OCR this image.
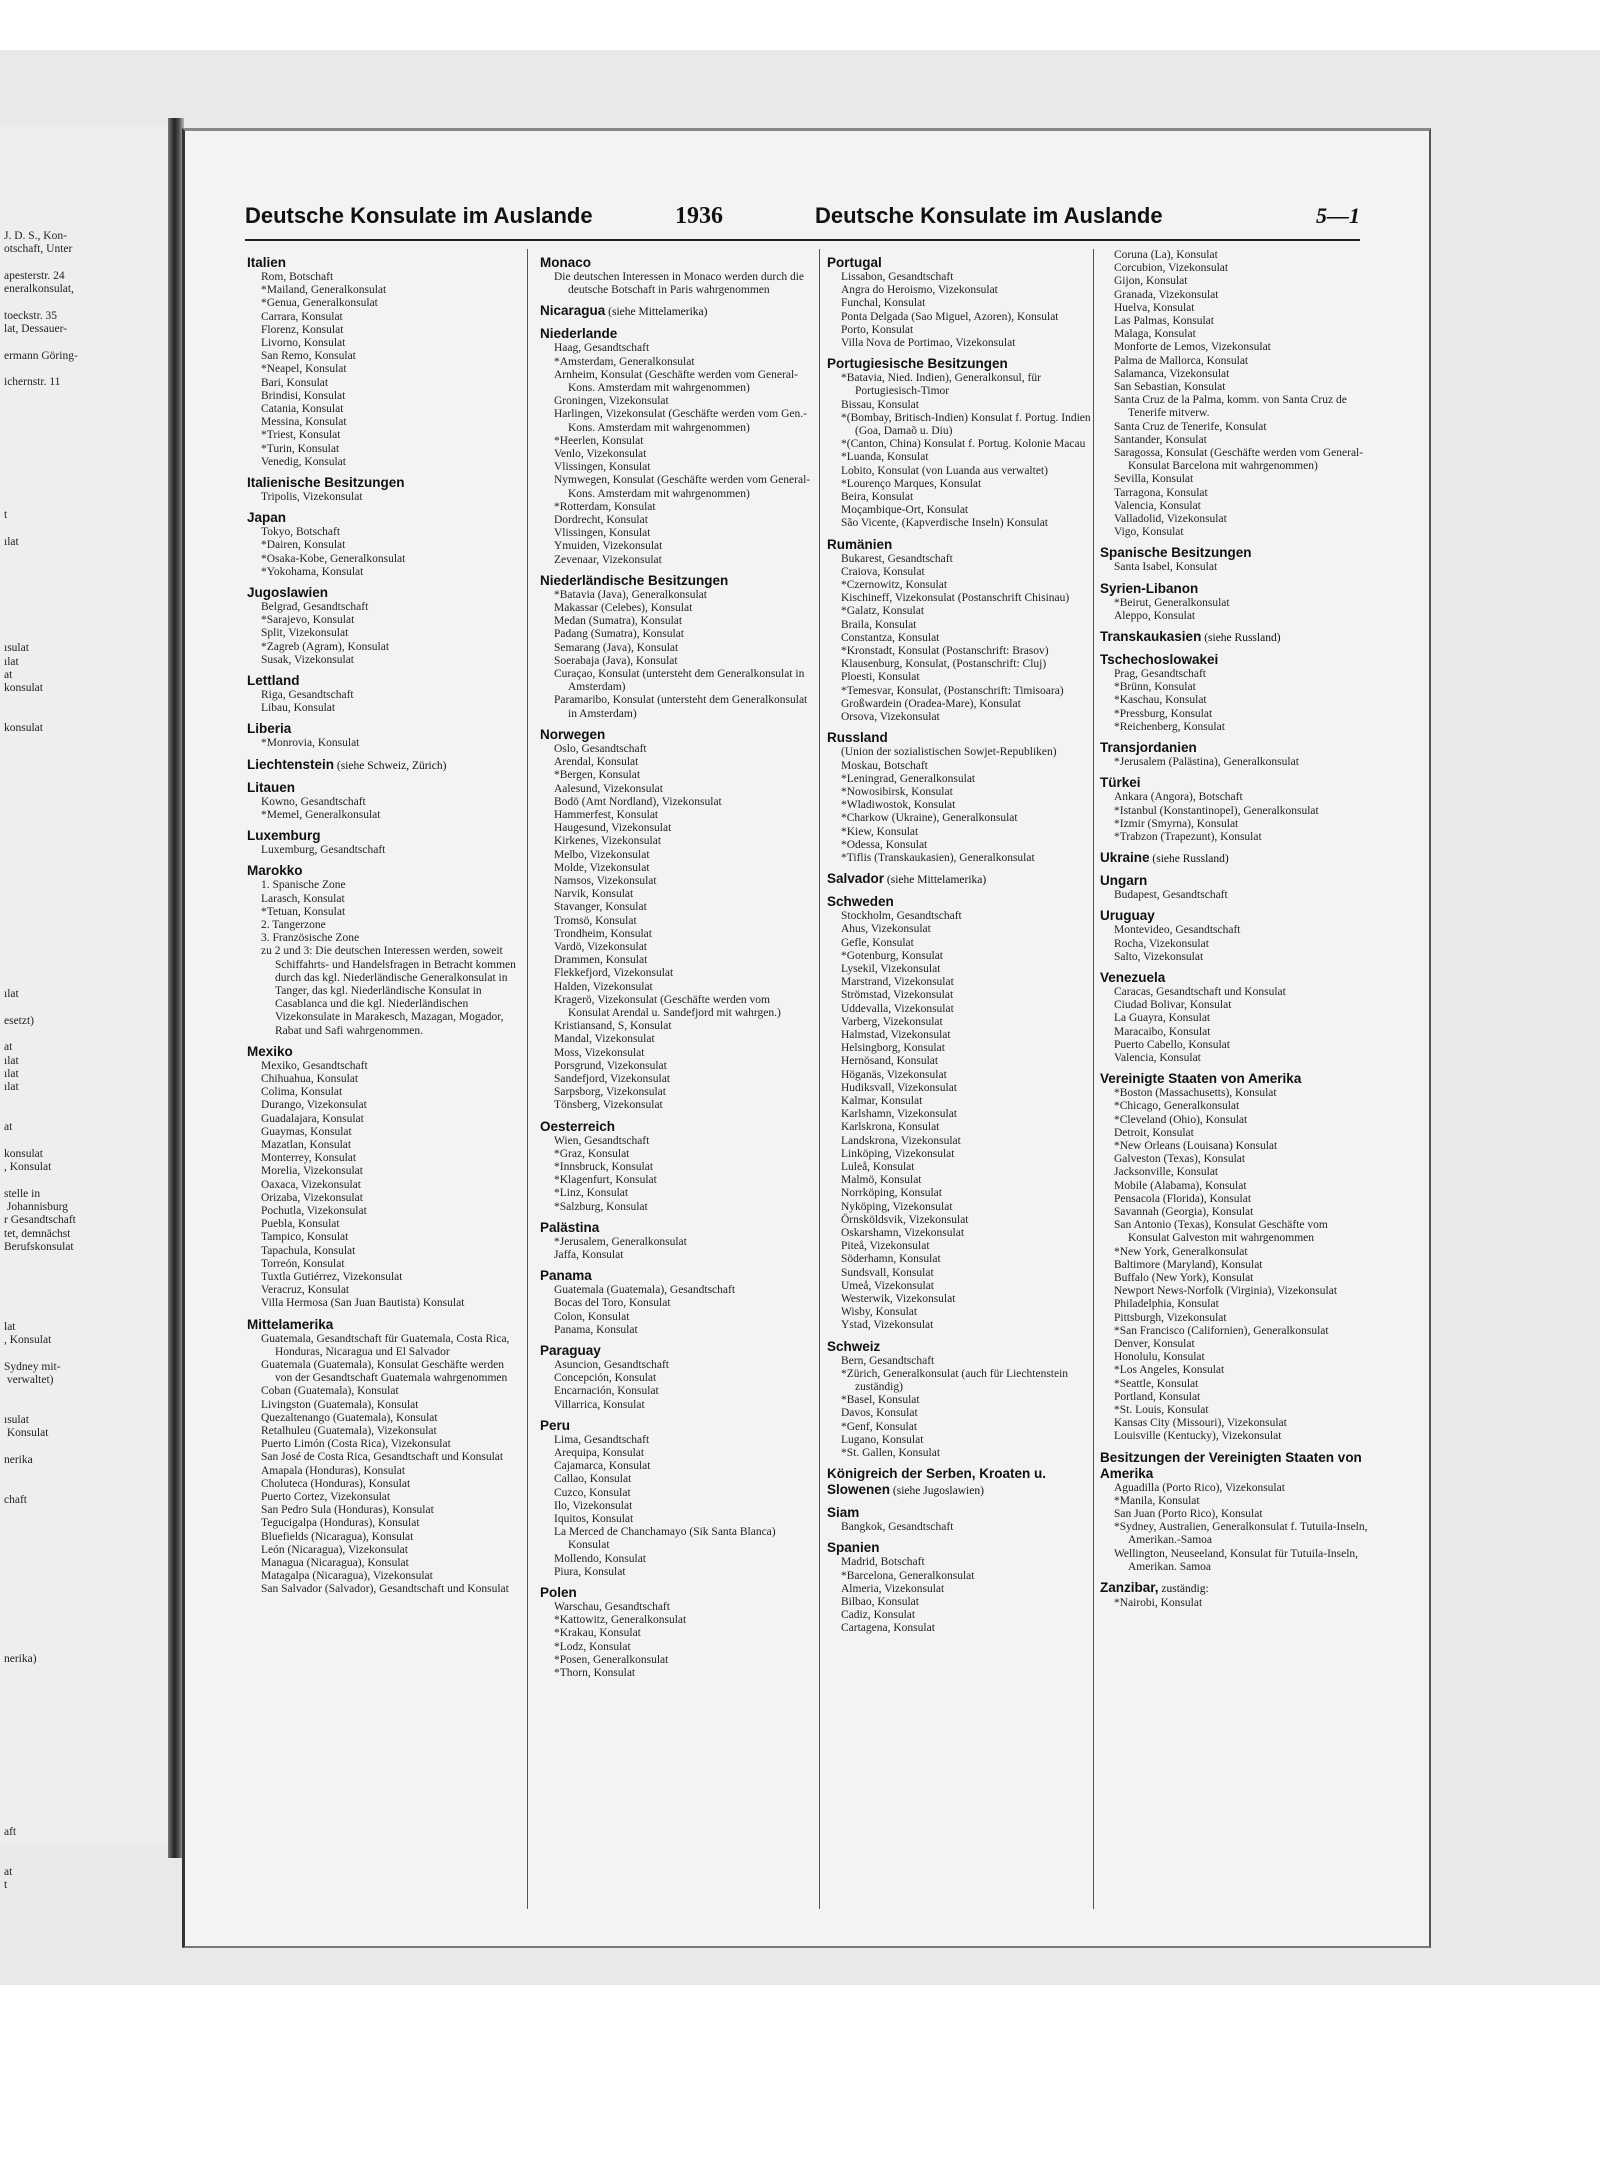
J. D. S., Kon-
otschaft, Unter
apesterstr. 24
eneralkonsulat,
toeckstr. 35
lat, Dessauer-
ermann Göring-
ichernstr. 11
t
ılat
ısulat
ılat
at
konsulat
konsulat
ılat
esetzt)
at
ılat
ılat
ılat
at
konsulat
, Konsulat
stelle in
Johannisburg
r Gesandtschaft
tet, demnächst
Berufskonsulat
lat
, Konsulat
Sydney mit-
verwaltet)
ısulat
Konsulat
nerika
chaft
nerika)
aft
at
t
Deutsche Konsulate im Auslande	1936	Deutsche Konsulate im Auslande	5—1
Italien
Rom, Botschaft
*Mailand, Generalkonsulat
*Genua, Generalkonsulat
Carrara, Konsulat
Florenz, Konsulat
Livorno, Konsulat
San Remo, Konsulat
*Neapel, Konsulat
Bari, Konsulat
Brindisi, Konsulat
Catania, Konsulat
Messina, Konsulat
*Triest, Konsulat
*Turin, Konsulat
Venedig, Konsulat
Italienische Besitzungen
Tripolis, Vizekonsulat
Japan
Tokyo, Botschaft
*Dairen, Konsulat
*Osaka-Kobe, Generalkonsulat
*Yokohama, Konsulat
Jugoslawien
Belgrad, Gesandtschaft
*Sarajevo, Konsulat
Split, Vizekonsulat
*Zagreb (Agram), Konsulat
Susak, Vizekonsulat
Lettland
Riga, Gesandtschaft
Libau, Konsulat
Liberia
*Monrovia, Konsulat
Liechtenstein (siehe Schweiz, Zürich)
Litauen
Kowno, Gesandtschaft
*Memel, Generalkonsulat
Luxemburg
Luxemburg, Gesandtschaft
Marokko
1. Spanische Zone
Larasch, Konsulat
*Tetuan, Konsulat
2. Tangerzone
3. Französische Zone
zu 2 und 3: Die deutschen Interessen werden, soweit Schiffahrts- und Handelsfragen in Betracht kommen durch das kgl. Niederländische Generalkonsulat in Tanger, das kgl. Niederländische Konsulat in Casablanca und die kgl. Niederländischen Vizekonsulate in Marakesch, Mazagan, Mogador, Rabat und Safi wahrgenommen.
Mexiko
Mexiko, Gesandtschaft
Chihuahua, Konsulat
Colima, Konsulat
Durango, Vizekonsulat
Guadalajara, Konsulat
Guaymas, Konsulat
Mazatlan, Konsulat
Monterrey, Konsulat
Morelia, Vizekonsulat
Oaxaca, Vizekonsulat
Orizaba, Vizekonsulat
Pochutla, Vizekonsulat
Puebla, Konsulat
Tampico, Konsulat
Tapachula, Konsulat
Torreón, Konsulat
Tuxtla Gutiérrez, Vizekonsulat
Veracruz, Konsulat
Villa Hermosa (San Juan Bautista) Konsulat
Mittelamerika
Guatemala, Gesandtschaft für Guatemala, Costa Rica, Honduras, Nicaragua und El Salvador
Guatemala (Guatemala), Konsulat Geschäfte werden von der Gesandtschaft Guatemala wahrgenommen
Coban (Guatemala), Konsulat
Livingston (Guatemala), Konsulat
Quezaltenango (Guatemala), Konsulat
Retalhuleu (Guatemala), Vizekonsulat
Puerto Limón (Costa Rica), Vizekonsulat
San José de Costa Rica, Gesandtschaft und Konsulat
Amapala (Honduras), Konsulat
Choluteca (Honduras), Konsulat
Puerto Cortez, Vizekonsulat
San Pedro Sula (Honduras), Konsulat
Tegucigalpa (Honduras), Konsulat
Bluefields (Nicaragua), Konsulat
León (Nicaragua), Vizekonsulat
Managua (Nicaragua), Konsulat
Matagalpa (Nicaragua), Vizekonsulat
San Salvador (Salvador), Gesandtschaft und Konsulat
Monaco
Die deutschen Interessen in Monaco werden durch die deutsche Botschaft in Paris wahrgenommen
Nicaragua (siehe Mittelamerika)
Niederlande
Haag, Gesandtschaft
*Amsterdam, Generalkonsulat
Arnheim, Konsulat (Geschäfte werden vom General-Kons. Amsterdam mit wahrgenommen)
Groningen, Vizekonsulat
Harlingen, Vizekonsulat (Geschäfte werden vom Gen.-Kons. Amsterdam mit wahrgenommen)
*Heerlen, Konsulat
Venlo, Vizekonsulat
Vlissingen, Konsulat
Nymwegen, Konsulat (Geschäfte werden vom General-Kons. Amsterdam mit wahrgenommen)
*Rotterdam, Konsulat
Dordrecht, Konsulat
Vlissingen, Konsulat
Ymuiden, Vizekonsulat
Zevenaar, Vizekonsulat
Niederländische Besitzungen
*Batavia (Java), Generalkonsulat
Makassar (Celebes), Konsulat
Medan (Sumatra), Konsulat
Padang (Sumatra), Konsulat
Semarang (Java), Konsulat
Soerabaja (Java), Konsulat
Curaçao, Konsulat (untersteht dem Generalkonsulat in Amsterdam)
Paramaribo, Konsulat (untersteht dem Generalkonsulat in Amsterdam)
Norwegen
Oslo, Gesandtschaft
Arendal, Konsulat
*Bergen, Konsulat
Aalesund, Vizekonsulat
Bodö (Amt Nordland), Vizekonsulat
Hammerfest, Konsulat
Haugesund, Vizekonsulat
Kirkenes, Vizekonsulat
Melbo, Vizekonsulat
Molde, Vizekonsulat
Namsos, Vizekonsulat
Narvik, Konsulat
Stavanger, Konsulat
Tromsö, Konsulat
Trondheim, Konsulat
Vardö, Vizekonsulat
Drammen, Konsulat
Flekkefjord, Vizekonsulat
Halden, Vizekonsulat
Kragerö, Vizekonsulat (Geschäfte werden vom Konsulat Arendal u. Sandefjord mit wahrgen.)
Kristiansand, S, Konsulat
Mandal, Vizekonsulat
Moss, Vizekonsulat
Porsgrund, Vizekonsulat
Sandefjord, Vizekonsulat
Sarpsborg, Vizekonsulat
Tönsberg, Vizekonsulat
Oesterreich
Wien, Gesandtschaft
*Graz, Konsulat
*Innsbruck, Konsulat
*Klagenfurt, Konsulat
*Linz, Konsulat
*Salzburg, Konsulat
Palästina
*Jerusalem, Generalkonsulat
Jaffa, Konsulat
Panama
Guatemala (Guatemala), Gesandtschaft
Bocas del Toro, Konsulat
Colon, Konsulat
Panama, Konsulat
Paraguay
Asuncion, Gesandtschaft
Concepción, Konsulat
Encarnación, Konsulat
Villarrica, Konsulat
Peru
Lima, Gesandtschaft
Arequipa, Konsulat
Cajamarca, Konsulat
Callao, Konsulat
Cuzco, Konsulat
Ilo, Vizekonsulat
Iquitos, Konsulat
La Merced de Chanchamayo (Sik Santa Blanca) Konsulat
Mollendo, Konsulat
Piura, Konsulat
Polen
Warschau, Gesandtschaft
*Kattowitz, Generalkonsulat
*Krakau, Konsulat
*Lodz, Konsulat
*Posen, Generalkonsulat
*Thorn, Konsulat
Portugal
Lissabon, Gesandtschaft
Angra do Heroismo, Vizekonsulat
Funchal, Konsulat
Ponta Delgada (Sao Miguel, Azoren), Konsulat
Porto, Konsulat
Villa Nova de Portimao, Vizekonsulat
Portugiesische Besitzungen
*Batavia, Nied. Indien), Generalkonsul, für Portugiesisch-Timor
Bissau, Konsulat
*(Bombay, Britisch-Indien) Konsulat f. Portug. Indien (Goa, Damaõ u. Diu)
*(Canton, China) Konsulat f. Portug. Kolonie Macau
*Luanda, Konsulat
Lobito, Konsulat (von Luanda aus verwaltet)
*Lourenço Marques, Konsulat
Beira, Konsulat
Moçambique-Ort, Konsulat
São Vicente, (Kapverdische Inseln) Konsulat
Rumänien
Bukarest, Gesandtschaft
Craiova, Konsulat
*Czernowitz, Konsulat
Kischineff, Vizekonsulat (Postanschrift Chisinau)
*Galatz, Konsulat
Braila, Konsulat
Constantza, Konsulat
*Kronstadt, Konsulat (Postanschrift: Brasov)
Klausenburg, Konsulat, (Postanschrift: Cluj)
Ploesti, Konsulat
*Temesvar, Konsulat, (Postanschrift: Timisoara)
Großwardein (Oradea-Mare), Konsulat
Orsova, Vizekonsulat
Russland
(Union der sozialistischen Sowjet-Republiken)
Moskau, Botschaft
*Leningrad, Generalkonsulat
*Nowosibirsk, Konsulat
*Wladiwostok, Konsulat
*Charkow (Ukraine), Generalkonsulat
*Kiew, Konsulat
*Odessa, Konsulat
*Tiflis (Transkaukasien), Generalkonsulat
Salvador (siehe Mittelamerika)
Schweden
Stockholm, Gesandtschaft
Ahus, Vizekonsulat
Gefle, Konsulat
*Gotenburg, Konsulat
Lysekil, Vizekonsulat
Marstrand, Vizekonsulat
Strömstad, Vizekonsulat
Uddevalla, Vizekonsulat
Varberg, Vizekonsulat
Halmstad, Vizekonsulat
Helsingborg, Konsulat
Hernösand, Konsulat
Höganäs, Vizekonsulat
Hudiksvall, Vizekonsulat
Kalmar, Konsulat
Karlshamn, Vizekonsulat
Karlskrona, Konsulat
Landskrona, Vizekonsulat
Linköping, Vizekonsulat
Luleå, Konsulat
Malmö, Konsulat
Norrköping, Konsulat
Nyköping, Vizekonsulat
Örnsköldsvik, Vizekonsulat
Oskarshamn, Vizekonsulat
Piteå, Vizekonsulat
Söderhamn, Konsulat
Sundsvall, Konsulat
Umeå, Vizekonsulat
Westerwik, Vizekonsulat
Wisby, Konsulat
Ystad, Vizekonsulat
Schweiz
Bern, Gesandtschaft
*Zürich, Generalkonsulat (auch für Liechtenstein zuständig)
*Basel, Konsulat
Davos, Konsulat
*Genf, Konsulat
Lugano, Konsulat
*St. Gallen, Konsulat
Königreich der Serben, Kroaten u. Slowenen (siehe Jugoslawien)
Siam
Bangkok, Gesandtschaft
Spanien
Madrid, Botschaft
*Barcelona, Generalkonsulat
Almeria, Vizekonsulat
Bilbao, Konsulat
Cadiz, Konsulat
Cartagena, Konsulat
Coruna (La), Konsulat
Corcubion, Vizekonsulat
Gijon, Konsulat
Granada, Vizekonsulat
Huelva, Konsulat
Las Palmas, Konsulat
Malaga, Konsulat
Monforte de Lemos, Vizekonsulat
Palma de Mallorca, Konsulat
Salamanca, Vizekonsulat
San Sebastian, Konsulat
Santa Cruz de la Palma, komm. von Santa Cruz de Tenerife mitverw.
Santa Cruz de Tenerife, Konsulat
Santander, Konsulat
Saragossa, Konsulat (Geschäfte werden vom General-Konsulat Barcelona mit wahrgenommen)
Sevilla, Konsulat
Tarragona, Konsulat
Valencia, Konsulat
Valladolid, Vizekonsulat
Vigo, Konsulat
Spanische Besitzungen
Santa Isabel, Konsulat
Syrien-Libanon
*Beirut, Generalkonsulat
Aleppo, Konsulat
Transkaukasien (siehe Russland)
Tschechoslowakei
Prag, Gesandtschaft
*Brünn, Konsulat
*Kaschau, Konsulat
*Pressburg, Konsulat
*Reichenberg, Konsulat
Transjordanien
*Jerusalem (Palästina), Generalkonsulat
Türkei
Ankara (Angora), Botschaft
*Istanbul (Konstantinopel), Generalkonsulat
*Izmir (Smyrna), Konsulat
*Trabzon (Trapezunt), Konsulat
Ukraine (siehe Russland)
Ungarn
Budapest, Gesandtschaft
Uruguay
Montevideo, Gesandtschaft
Rocha, Vizekonsulat
Salto, Vizekonsulat
Venezuela
Caracas, Gesandtschaft und Konsulat
Ciudad Bolivar, Konsulat
La Guayra, Konsulat
Maracaibo, Konsulat
Puerto Cabello, Konsulat
Valencia, Konsulat
Vereinigte Staaten von Amerika
*Boston (Massachusetts), Konsulat
*Chicago, Generalkonsulat
*Cleveland (Ohio), Konsulat
Detroit, Konsulat
*New Orleans (Louisana) Konsulat
Galveston (Texas), Konsulat
Jacksonville, Konsulat
Mobile (Alabama), Konsulat
Pensacola (Florida), Konsulat
Savannah (Georgia), Konsulat
San Antonio (Texas), Konsulat Geschäfte vom Konsulat Galveston mit wahrgenommen
*New York, Generalkonsulat
Baltimore (Maryland), Konsulat
Buffalo (New York), Konsulat
Newport News-Norfolk (Virginia), Vizekonsulat
Philadelphia, Konsulat
Pittsburgh, Vizekonsulat
*San Francisco (Californien), Generalkonsulat
Denver, Konsulat
Honolulu, Konsulat
*Los Angeles, Konsulat
*Seattle, Konsulat
Portland, Konsulat
*St. Louis, Konsulat
Kansas City (Missouri), Vizekonsulat
Louisville (Kentucky), Vizekonsulat
Besitzungen der Vereinigten Staaten von Amerika
Aguadilla (Porto Rico), Vizekonsulat
*Manila, Konsulat
San Juan (Porto Rico), Konsulat
*Sydney, Australien, Generalkonsulat f. Tutuila-Inseln, Amerikan.-Samoa
Wellington, Neuseeland, Konsulat für Tutuila-Inseln, Amerikan. Samoa
Zanzibar, zuständig:
*Nairobi, Konsulat
